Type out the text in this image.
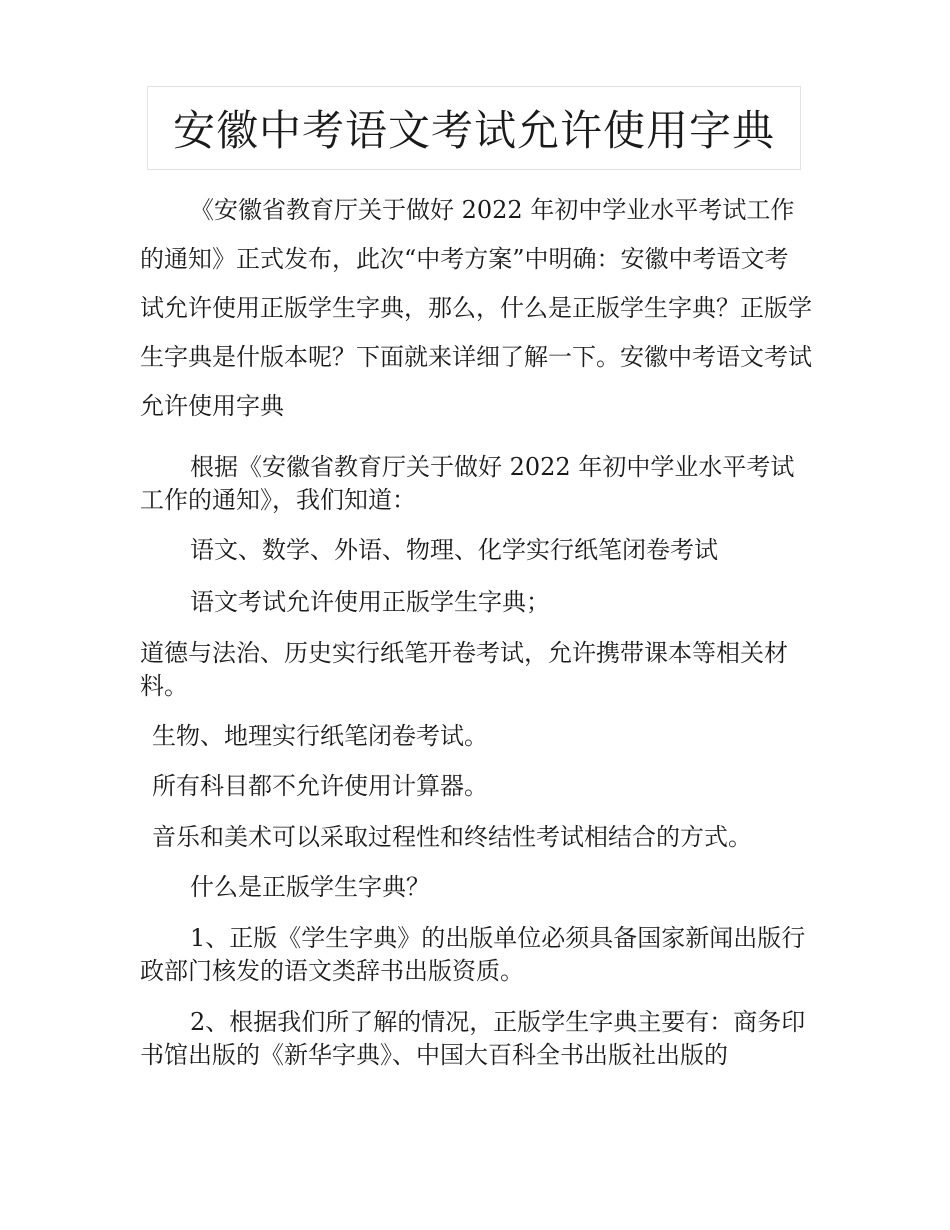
安徽中考语文考试允许使用字典

《安徽省教育厅关于做好 2022 年初中学业水平考试工作的通知》正式发布，此次“中考方案”中明确：安徽中考语文考试允许使用正版学生字典，那么，什么是正版学生字典？正版学生字典是什版本呢？下面就来详细了解一下。安徽中考语文考试允许使用字典

根据《安徽省教育厅关于做好 2022 年初中学业水平考试工作的通知》，我们知道：

语文、数学、外语、物理、化学实行纸笔闭卷考试

语文考试允许使用正版学生字典；

道德与法治、历史实行纸笔开卷考试，允许携带课本等相关材料。

生物、地理实行纸笔闭卷考试。

所有科目都不允许使用计算器。

音乐和美术可以采取过程性和终结性考试相结合的方式。

什么是正版学生字典？

1、正版《学生字典》的出版单位必须具备国家新闻出版行政部门核发的语文类辞书出版资质。

2、根据我们所了解的情况，正版学生字典主要有：商务印书馆出版的《新华字典》、中国大百科全书出版社出版的
